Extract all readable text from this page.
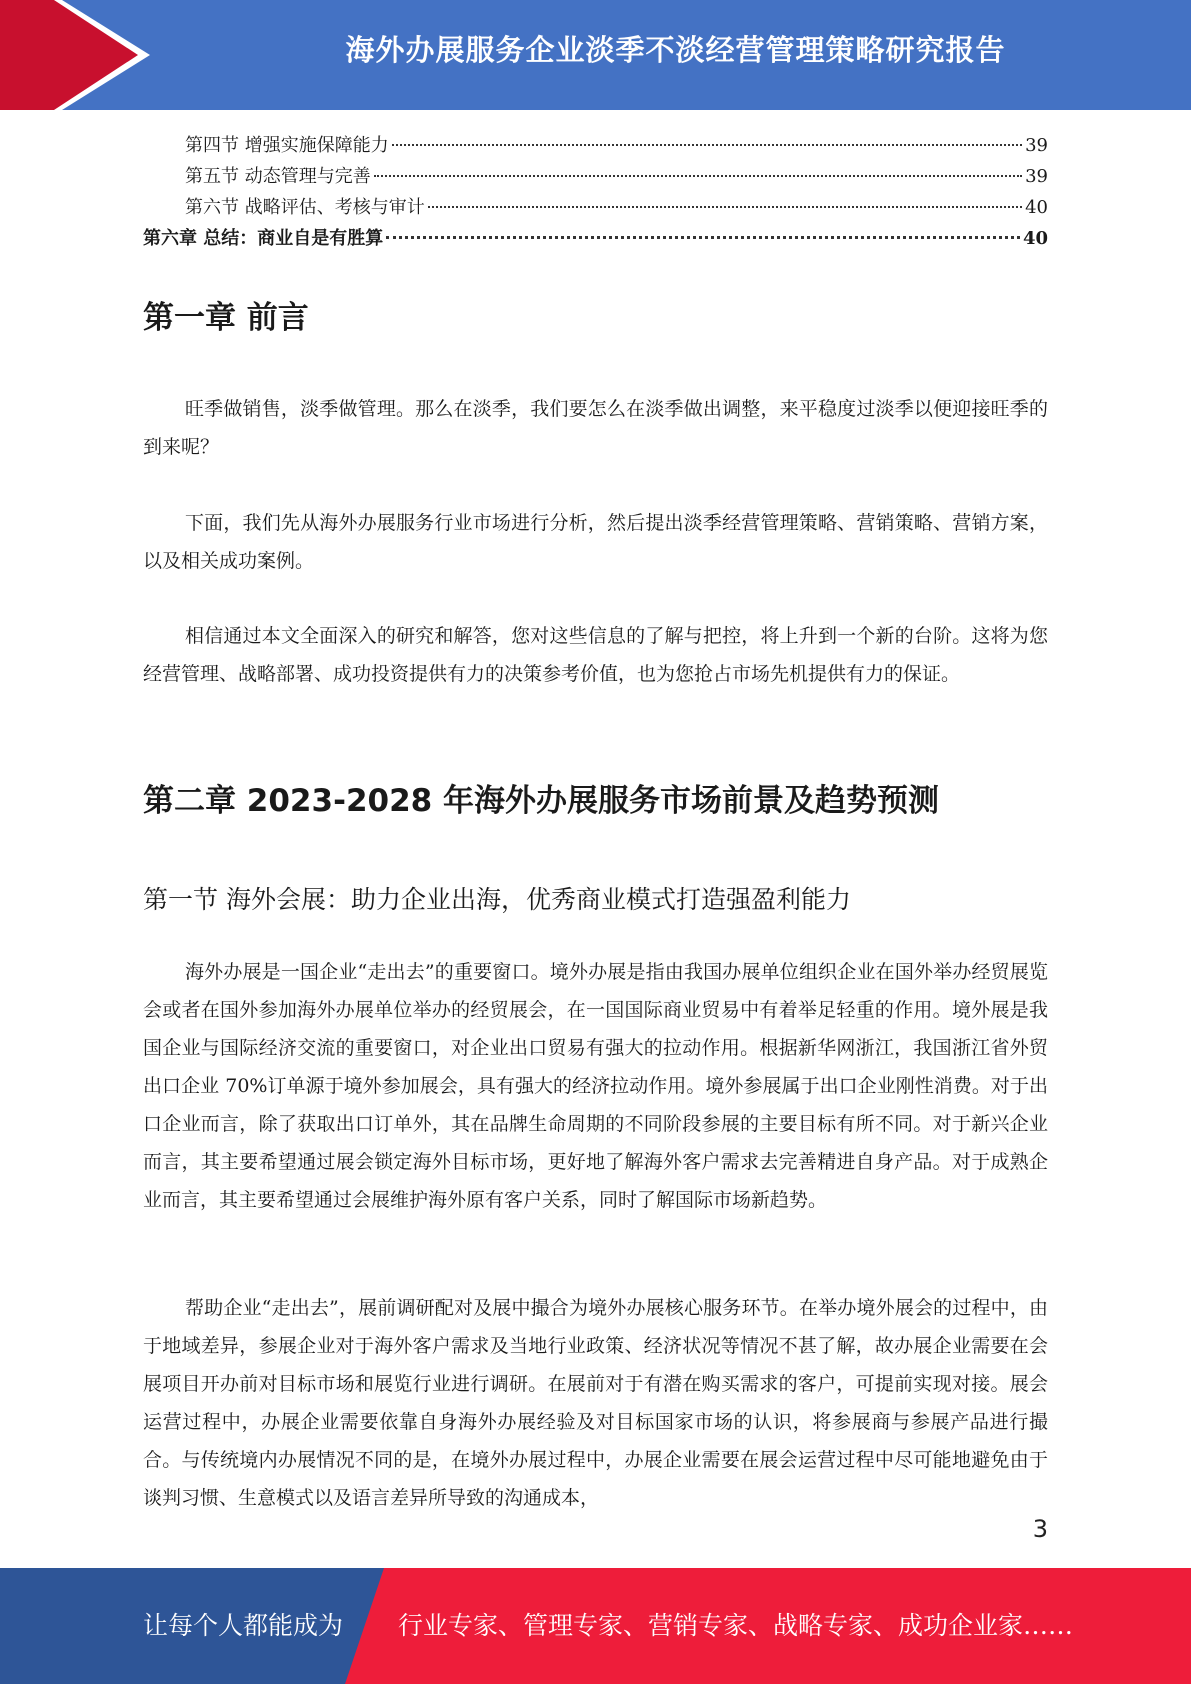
海外办展服务企业淡季不淡经营管理策略研究报告
第四节 增强实施保障能力	39
第五节 动态管理与完善	39
第六节 战略评估、考核与审计	40
第六章 总结：商业自是有胜算	40
第一章 前言

旺季做销售，淡季做管理。那么在淡季，我们要怎么在淡季做出调整，来平稳度过淡季以便迎接旺季的到来呢？

下面，我们先从海外办展服务行业市场进行分析，然后提出淡季经营管理策略、营销策略、营销方案，以及相关成功案例。

相信通过本文全面深入的研究和解答，您对这些信息的了解与把控，将上升到一个新的台阶。这将为您经营管理、战略部署、成功投资提供有力的决策参考价值，也为您抢占市场先机提供有力的保证。

第二章 2023-2028 年海外办展服务市场前景及趋势预测
第一节 海外会展：助力企业出海，优秀商业模式打造强盈利能力

海外办展是一国企业“走出去”的重要窗口。境外办展是指由我国办展单位组织企业在国外举办经贸展览会或者在国外参加海外办展单位举办的经贸展会，在一国国际商业贸易中有着举足轻重的作用。境外展是我国企业与国际经济交流的重要窗口，对企业出口贸易有强大的拉动作用。根据新华网浙江，我国浙江省外贸出口企业 70%订单源于境外参加展会，具有强大的经济拉动作用。境外参展属于出口企业刚性消费。对于出口企业而言，除了获取出口订单外，其在品牌生命周期的不同阶段参展的主要目标有所不同。对于新兴企业而言，其主要希望通过展会锁定海外目标市场，更好地了解海外客户需求去完善精进自身产品。对于成熟企业而言，其主要希望通过会展维护海外原有客户关系，同时了解国际市场新趋势。

帮助企业“走出去”，展前调研配对及展中撮合为境外办展核心服务环节。在举办境外展会的过程中，由于地域差异，参展企业对于海外客户需求及当地行业政策、经济状况等情况不甚了解，故办展企业需要在会展项目开办前对目标市场和展览行业进行调研。在展前对于有潜在购买需求的客户，可提前实现对接。展会运营过程中，办展企业需要依靠自身海外办展经验及对目标国家市场的认识，将参展商与参展产品进行撮合。与传统境内办展情况不同的是，在境外办展过程中，办展企业需要在展会运营过程中尽可能地避免由于谈判习惯、生意模式以及语言差异所导致的沟通成本，

3
让每个人都能成为 行业专家、管理专家、营销专家、战略专家、成功企业家……
